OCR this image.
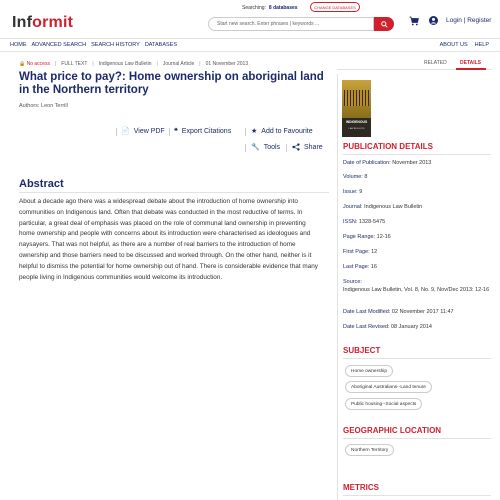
Informit
Searching: 8 databases	CHANGE DATABASES
Start new search. Enter phrases | keywords ...	Login | Register
HOME ADVANCED SEARCH SEARCH HISTORY DATABASES	ABOUT US HELP
🔒 No access | FULL TEXT | Indigenous Law Bulletin | Journal Article | 01 November 2013
What price to pay?: Home ownership on aboriginal land in the Northern territory
Authors: Leon Terrill
📄 View PDF ❝ Export Citations	★ Add to Favourite
🔧 Tools	Share
Abstract

About a decade ago there was a widespread debate about the introduction of home ownership into communities on Indigenous land. Often that debate was conducted in the most reductive of terms. In particular, a great deal of emphasis was placed on the role of communal land ownership in preventing home ownership and people with concerns about its introduction were characterised as ideologues and naysayers. That was not helpful, as there are a number of real barriers to the introduction of home ownership and those barriers need to be discussed and worked through. On the other hand, neither is it helpful to dismiss the potential for home ownership out of hand. There is considerable evidence that many people living in Indigenous communities would welcome its introduction.

RELATED	DETAILS
INDIGENOUS
LAW BULLETIN
PUBLICATION DETAILS
Date of Publication: November 2013
Volume: 8
Issue: 9
Journal: Indigenous Law Bulletin
ISSN: 1328-5475
Page Range: 12-16
First Page: 12
Last Page: 16
Source:
Indigenous Law Bulletin, Vol. 8, No. 9, Nov/Dec 2013: 12-16
Date Last Modified: 02 November 2017 11:47
Date Last Revised: 08 January 2014
SUBJECT
Home ownership
Aboriginal Australians--Land tenure
Public housing--Social aspects
GEOGRAPHIC LOCATION
Northern Territory
METRICS
